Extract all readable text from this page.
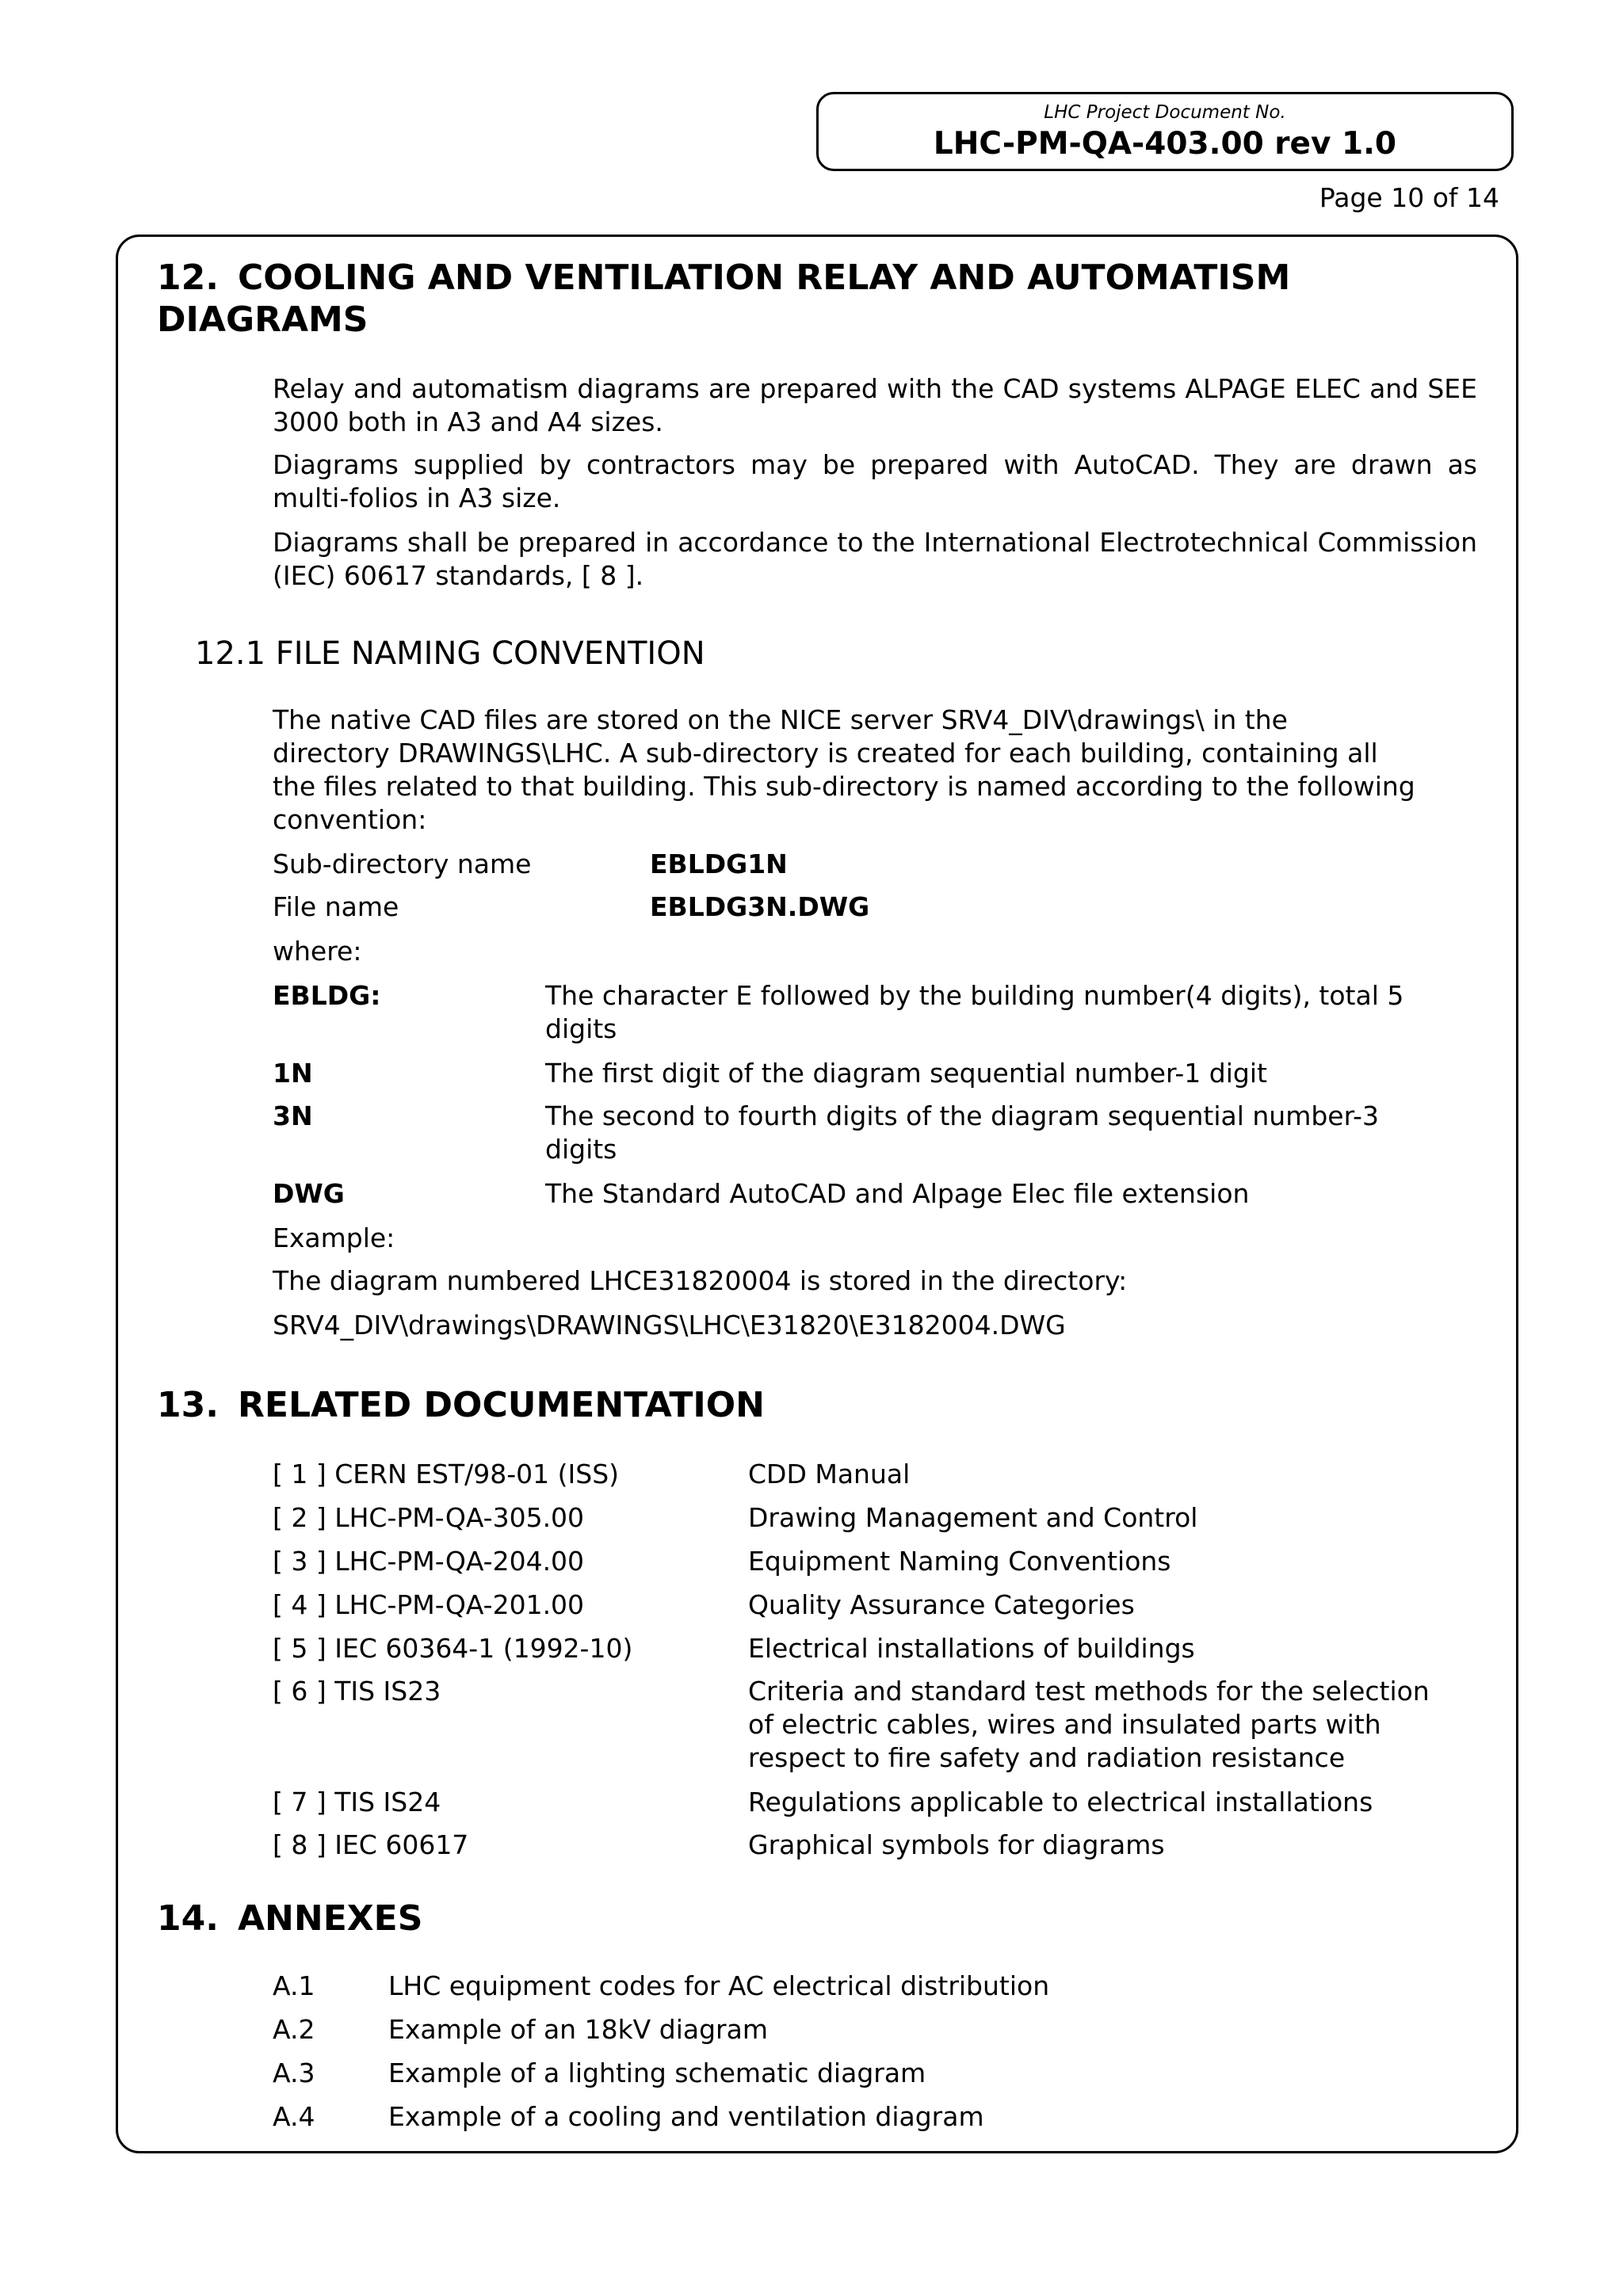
LHC Project Document No.
LHC-PM-QA-403.00 rev 1.0
Page 10 of 14
12. COOLING AND VENTILATION RELAY AND AUTOMATISM
DIAGRAMS
Relay and automatism diagrams are prepared with the CAD systems ALPAGE ELEC and SEE 3000 both in A3 and A4 sizes.
Diagrams supplied by contractors may be prepared with AutoCAD. They are drawn as multi-folios in A3 size.
Diagrams shall be prepared in accordance to the International Electrotechnical Commission (IEC) 60617 standards, [ 8 ].
12.1 FILE NAMING CONVENTION
The native CAD files are stored on the NICE server SRV4_DIV\drawings\ in the
directory DRAWINGS\LHC. A sub-directory is created for each building, containing all
the files related to that building. This sub-directory is named according to the following
convention:
Sub-directory name	EBLDG1N
File name	EBLDG3N.DWG
where:
EBLDG:	The character E followed by the building number(4 digits), total 5
digits
1N	The first digit of the diagram sequential number-1 digit
3N	The second to fourth digits of the diagram sequential number-3
digits
DWG	The Standard AutoCAD and Alpage Elec file extension
Example:
The diagram numbered LHCE31820004 is stored in the directory:
SRV4_DIV\drawings\DRAWINGS\LHC\E31820\E3182004.DWG
13. RELATED DOCUMENTATION
[ 1 ] CERN EST/98-01 (ISS)	CDD Manual
[ 2 ] LHC-PM-QA-305.00	Drawing Management and Control
[ 3 ] LHC-PM-QA-204.00	Equipment Naming Conventions
[ 4 ] LHC-PM-QA-201.00	Quality Assurance Categories
[ 5 ] IEC 60364-1 (1992-10)	Electrical installations of buildings
[ 6 ] TIS IS23	Criteria and standard test methods for the selection
of electric cables, wires and insulated parts with
respect to fire safety and radiation resistance
[ 7 ] TIS IS24	Regulations applicable to electrical installations
[ 8 ] IEC 60617	Graphical symbols for diagrams
14. ANNEXES
A.1	LHC equipment codes for AC electrical distribution
A.2	Example of an 18kV diagram
A.3	Example of a lighting schematic diagram
A.4	Example of a cooling and ventilation diagram
